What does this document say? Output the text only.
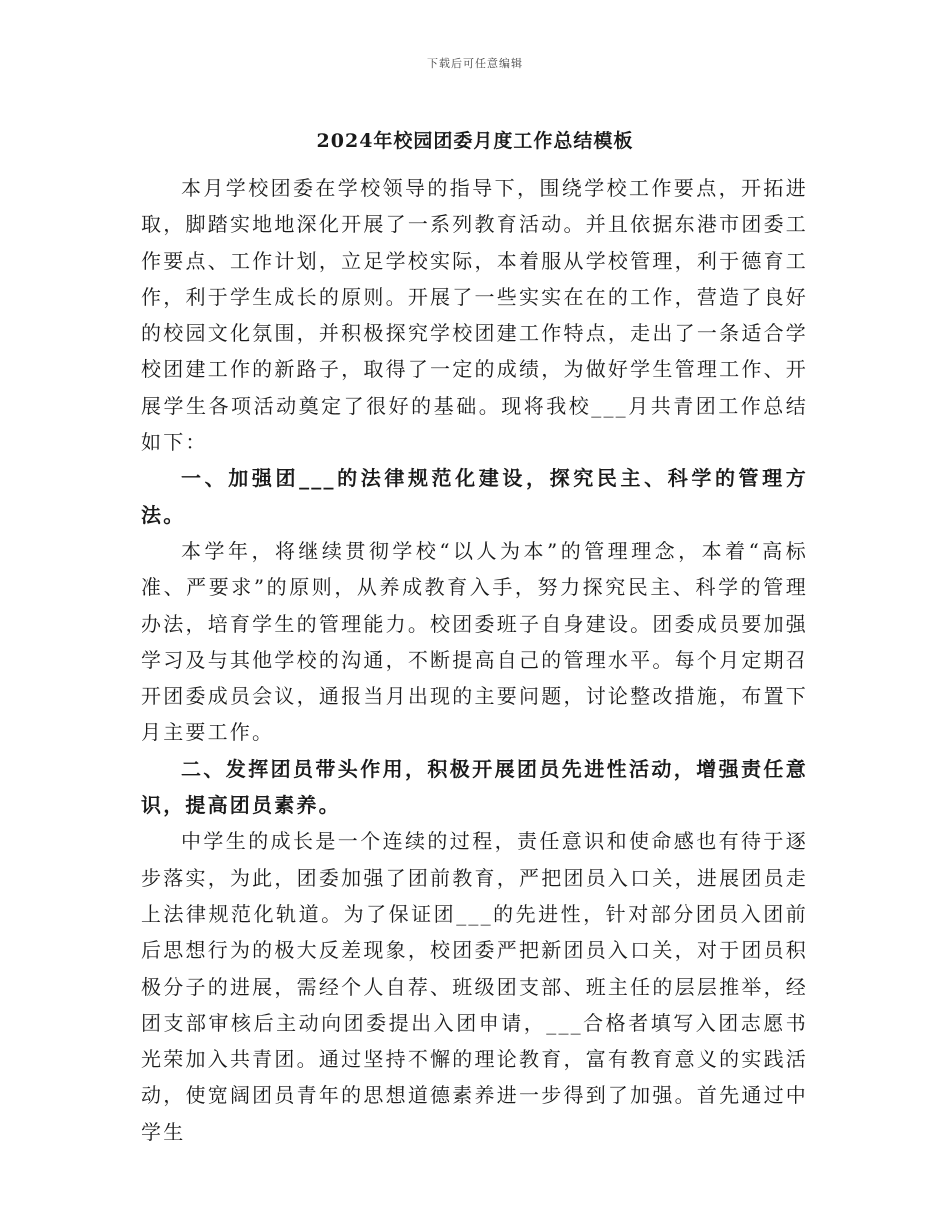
下载后可任意编辑
2024年校园团委月度工作总结模板

本月学校团委在学校领导的指导下，围绕学校工作要点，开拓进取，脚踏实地地深化开展了一系列教育活动。并且依据东港市团委工作要点、工作计划，立足学校实际，本着服从学校管理，利于德育工作，利于学生成长的原则。开展了一些实实在在的工作，营造了良好的校园文化氛围，并积极探究学校团建工作特点，走出了一条适合学校团建工作的新路子，取得了一定的成绩，为做好学生管理工作、开展学生各项活动奠定了很好的基础。现将我校___月共青团工作总结如下：

一、加强团___的法律规范化建设，探究民主、科学的管理方法。

本学年，将继续贯彻学校“以人为本”的管理理念，本着“高标准、严要求”的原则，从养成教育入手，努力探究民主、科学的管理办法，培育学生的管理能力。校团委班子自身建设。团委成员要加强学习及与其他学校的沟通，不断提高自己的管理水平。每个月定期召开团委成员会议，通报当月出现的主要问题，讨论整改措施，布置下月主要工作。

二、发挥团员带头作用，积极开展团员先进性活动，增强责任意识，提高团员素养。

中学生的成长是一个连续的过程，责任意识和使命感也有待于逐步落实，为此，团委加强了团前教育，严把团员入口关，进展团员走上法律规范化轨道。为了保证团___的先进性，针对部分团员入团前后思想行为的极大反差现象，校团委严把新团员入口关，对于团员积极分子的进展，需经个人自荐、班级团支部、班主任的层层推举，经团支部审核后主动向团委提出入团申请，___合格者填写入团志愿书光荣加入共青团。通过坚持不懈的理论教育，富有教育意义的实践活动，使宽阔团员青年的思想道德素养进一步得到了加强。首先通过中学生
